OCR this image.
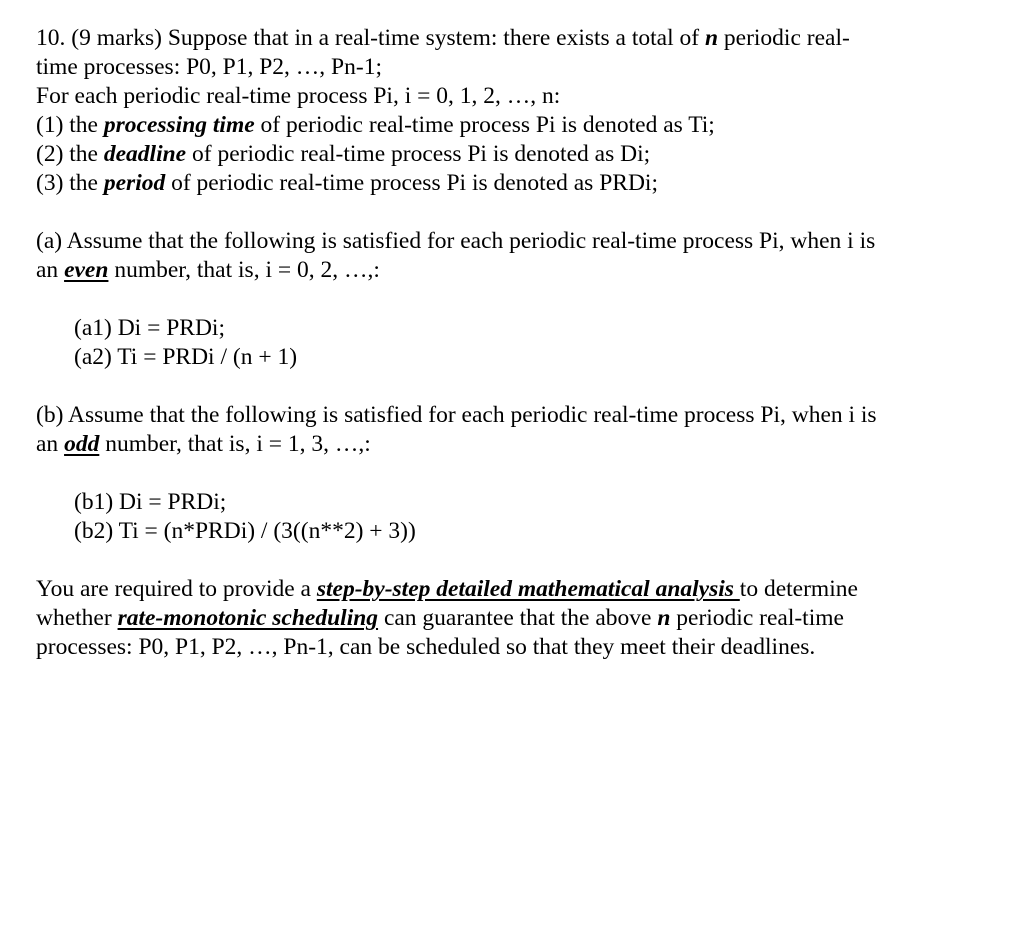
10. (9 marks) Suppose that in a real-time system: there exists a total of n periodic real-
time processes: P0, P1, P2, …, Pn-1;
For each periodic real-time process Pi, i = 0, 1, 2, …, n:
(1) the processing time of periodic real-time process Pi is denoted as Ti;
(2) the deadline of periodic real-time process Pi is denoted as Di;
(3) the period of periodic real-time process Pi is denoted as PRDi;
(a) Assume that the following is satisfied for each periodic real-time process Pi, when i is
an even number, that is, i = 0, 2, …,:
(a1) Di = PRDi;
(a2) Ti = PRDi / (n + 1)
(b) Assume that the following is satisfied for each periodic real-time process Pi, when i is
an odd number, that is, i = 1, 3, …,:
(b1) Di = PRDi;
(b2) Ti = (n*PRDi) / (3((n**2) + 3))
You are required to provide a step-by-step detailed mathematical analysis to determine
whether rate-monotonic scheduling can guarantee that the above n periodic real-time
processes: P0, P1, P2, …, Pn-1, can be scheduled so that they meet their deadlines.
